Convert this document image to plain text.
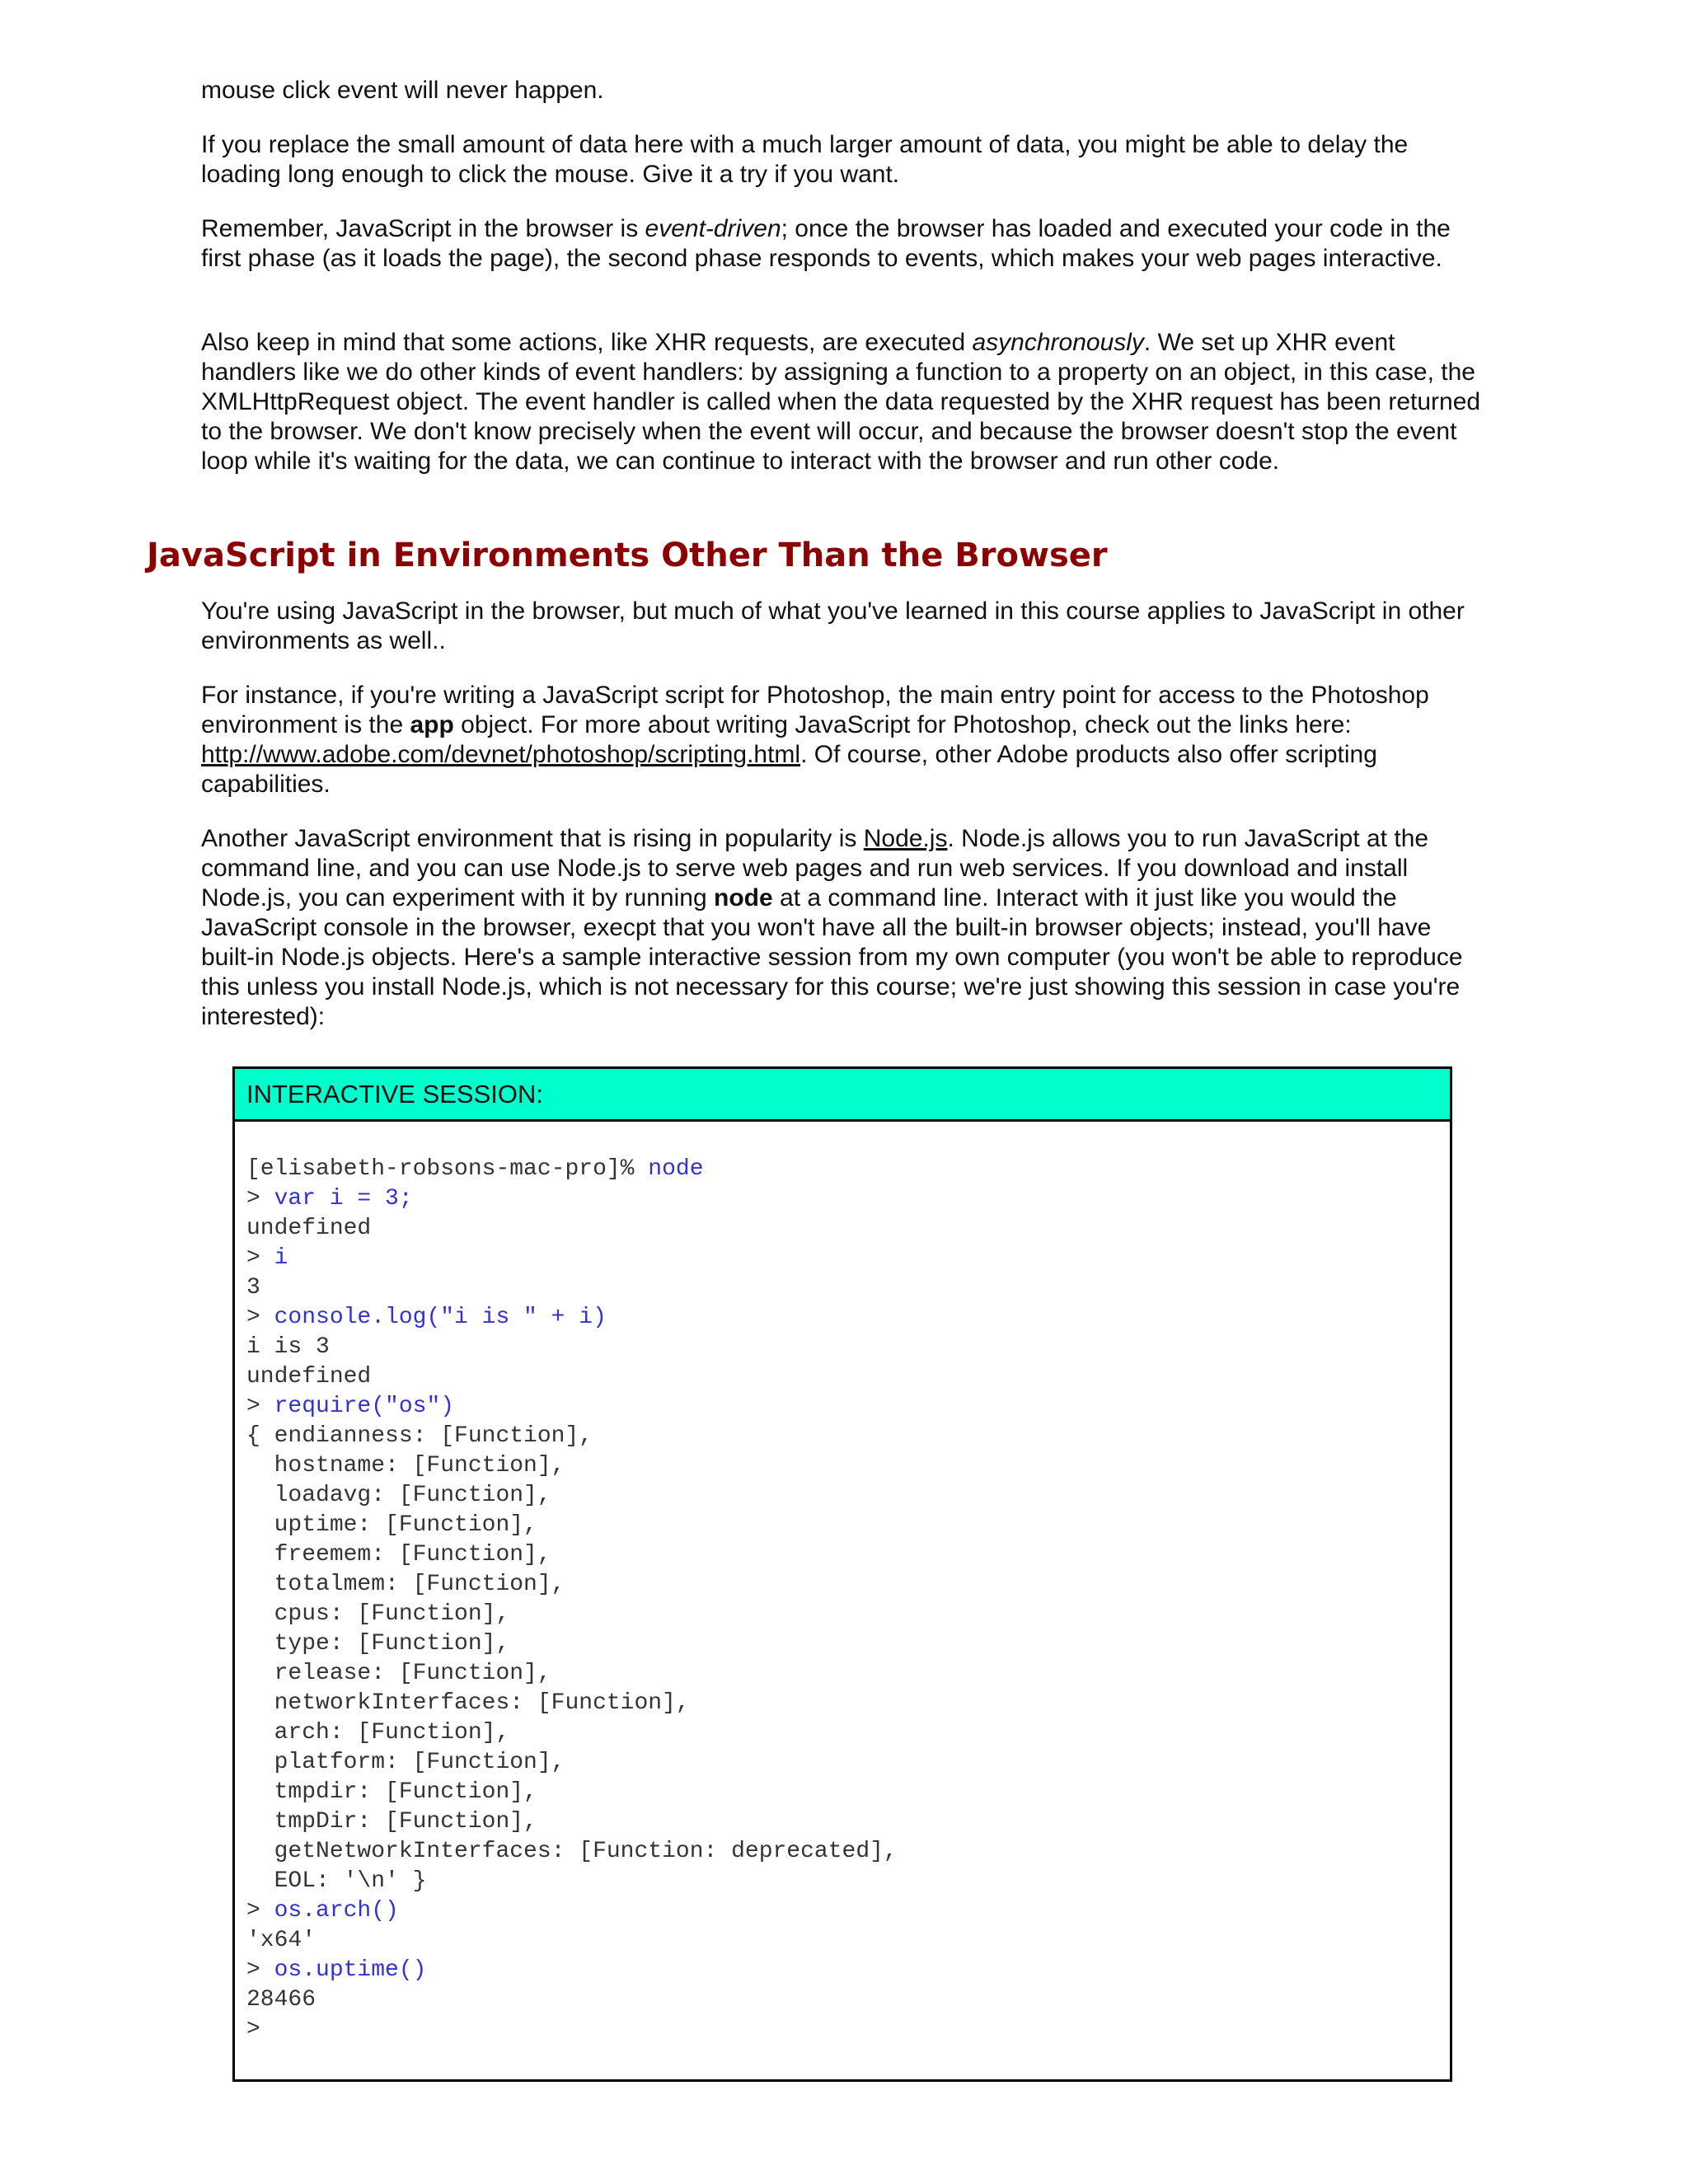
mouse click event will never happen.

If you replace the small amount of data here with a much larger amount of data, you might be able to delay the loading long enough to click the mouse. Give it a try if you want.

Remember, JavaScript in the browser is event-driven; once the browser has loaded and executed your code in the first phase (as it loads the page), the second phase responds to events, which makes your web pages interactive.

Also keep in mind that some actions, like XHR requests, are executed asynchronously. We set up XHR event handlers like we do other kinds of event handlers: by assigning a function to a property on an object, in this case, the XMLHttpRequest object. The event handler is called when the data requested by the XHR request has been returned to the browser. We don't know precisely when the event will occur, and because the browser doesn't stop the event loop while it's waiting for the data, we can continue to interact with the browser and run other code.

JavaScript in Environments Other Than the Browser

You're using JavaScript in the browser, but much of what you've learned in this course applies to JavaScript in other environments as well..

For instance, if you're writing a JavaScript script for Photoshop, the main entry point for access to the Photoshop environment is the app object. For more about writing JavaScript for Photoshop, check out the links here: http://www.adobe.com/devnet/photoshop/scripting.html. Of course, other Adobe products also offer scripting capabilities.

Another JavaScript environment that is rising in popularity is Node.js. Node.js allows you to run JavaScript at the command line, and you can use Node.js to serve web pages and run web services. If you download and install Node.js, you can experiment with it by running node at a command line. Interact with it just like you would the JavaScript console in the browser, execpt that you won't have all the built-in browser objects; instead, you'll have built-in Node.js objects. Here's a sample interactive session from my own computer (you won't be able to reproduce this unless you install Node.js, which is not necessary for this course; we're just showing this session in case you're interested):

INTERACTIVE SESSION:
[elisabeth-robsons-mac-pro]% node
> var i = 3;
undefined
> i
3
> console.log("i is " + i)
i is 3
undefined
> require("os")
{ endianness: [Function],
hostname: [Function],
loadavg: [Function],
uptime: [Function],
freemem: [Function],
totalmem: [Function],
cpus: [Function],
type: [Function],
release: [Function],
networkInterfaces: [Function],
arch: [Function],
platform: [Function],
tmpdir: [Function],
tmpDir: [Function],
getNetworkInterfaces: [Function: deprecated],
EOL: '\n' }
> os.arch()
'x64'
> os.uptime()
28466
>
